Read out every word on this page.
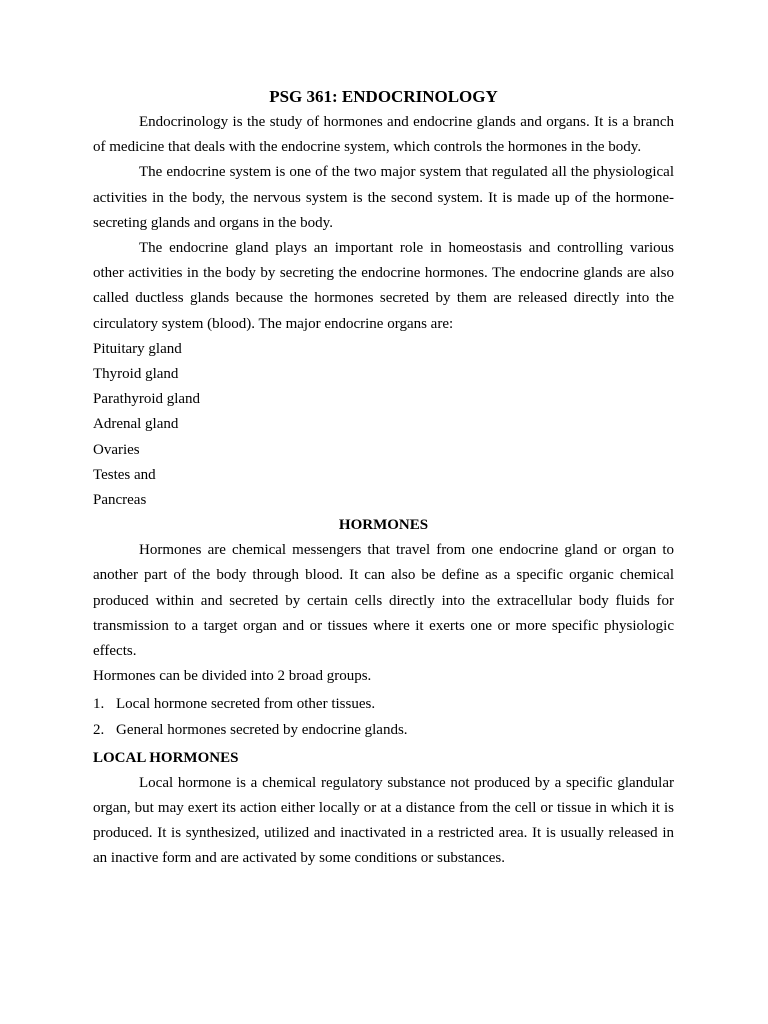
PSG 361: ENDOCRINOLOGY

Endocrinology is the study of hormones and endocrine glands and organs. It is a branch of medicine that deals with the endocrine system, which controls the hormones in the body.

The endocrine system is one of the two major system that regulated all the physiological activities in the body, the nervous system is the second system. It is made up of the hormone-secreting glands and organs in the body.

The endocrine gland plays an important role in homeostasis and controlling various other activities in the body by secreting the endocrine hormones. The endocrine glands are also called ductless glands because the hormones secreted by them are released directly into the circulatory system (blood). The major endocrine organs are:

Pituitary gland

Thyroid gland

Parathyroid gland

Adrenal gland

Ovaries

Testes and

Pancreas

HORMONES

Hormones are chemical messengers that travel from one endocrine gland or organ to another part of the body through blood. It can also be define as a specific organic chemical produced within and secreted by certain cells directly into the extracellular body fluids for transmission to a target organ and or tissues where it exerts one or more specific physiologic effects.

Hormones can be divided into 2 broad groups.

1. Local hormone secreted from other tissues.
2. General hormones secreted by endocrine glands.

LOCAL HORMONES

Local hormone is a chemical regulatory substance not produced by a specific glandular organ, but may exert its action either locally or at a distance from the cell or tissue in which it is produced. It is synthesized, utilized and inactivated in a restricted area. It is usually released in an inactive form and are activated by some conditions or substances.
